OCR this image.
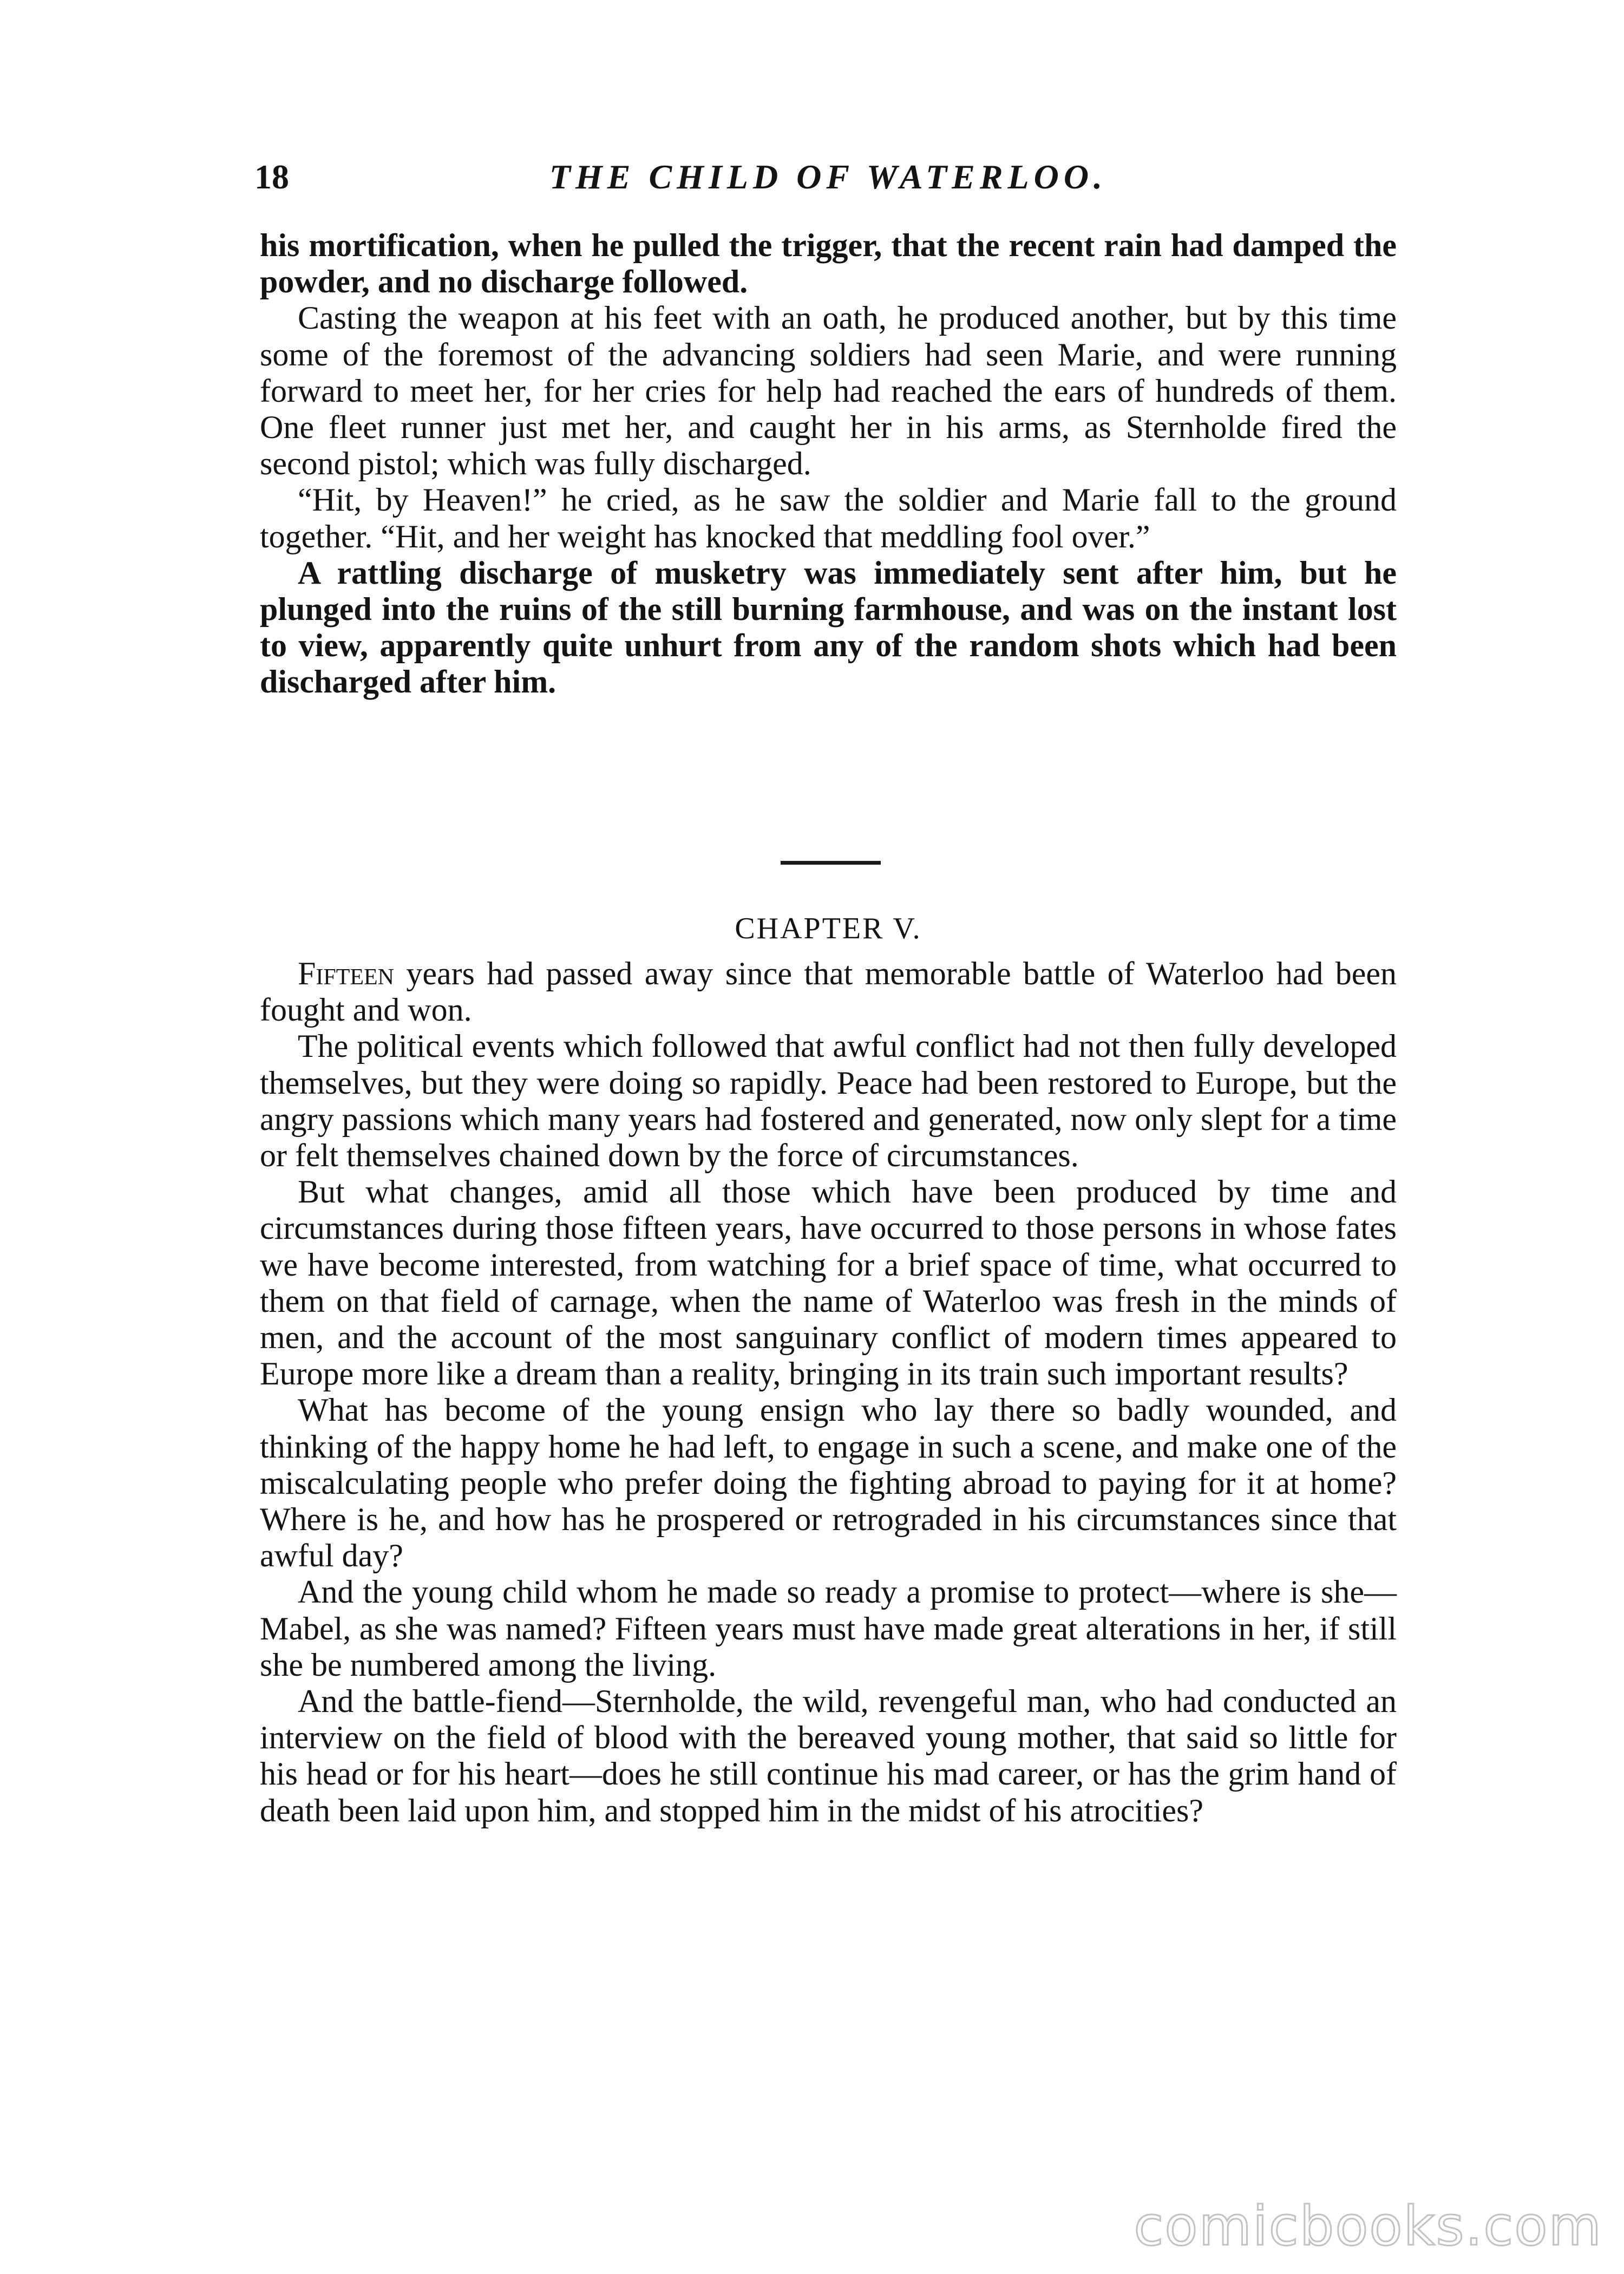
18	THE CHILD OF WATERLOO.

his mortification, when he pulled the trigger, that the recent rain had damped the powder, and no discharge followed.

Casting the weapon at his feet with an oath, he produced another, but by this time some of the foremost of the advancing soldiers had seen Marie, and were running forward to meet her, for her cries for help had reached the ears of hundreds of them. One fleet runner just met her, and caught her in his arms, as Sternholde fired the second pistol; which was fully discharged.

“Hit, by Heaven!” he cried, as he saw the soldier and Marie fall to the ground together. “Hit, and her weight has knocked that meddling fool over.”

A rattling discharge of musketry was immediately sent after him, but he plunged into the ruins of the still burning farmhouse, and was on the instant lost to view, apparently quite unhurt from any of the random shots which had been discharged after him.

CHAPTER V.

Fifteen years had passed away since that memorable battle of Waterloo had been fought and won.

The political events which followed that awful conflict had not then fully developed themselves, but they were doing so rapidly. Peace had been restored to Europe, but the angry passions which many years had fostered and generated, now only slept for a time or felt themselves chained down by the force of circumstances.

But what changes, amid all those which have been produced by time and circumstances during those fifteen years, have occurred to those persons in whose fates we have become interested, from watching for a brief space of time, what occurred to them on that field of carnage, when the name of Waterloo was fresh in the minds of men, and the account of the most sanguinary conflict of modern times appeared to Europe more like a dream than a reality, bringing in its train such important results?

What has become of the young ensign who lay there so badly wounded, and thinking of the happy home he had left, to engage in such a scene, and make one of the miscalculating people who prefer doing the fighting abroad to paying for it at home? Where is he, and how has he prospered or retrograded in his circumstances since that awful day?

And the young child whom he made so ready a promise to protect—where is she—Mabel, as she was named? Fifteen years must have made great alterations in her, if still she be numbered among the living.

And the battle-fiend—Sternholde, the wild, revengeful man, who had conducted an interview on the field of blood with the bereaved young mother, that said so little for his head or for his heart—does he still continue his mad career, or has the grim hand of death been laid upon him, and stopped him in the midst of his atrocities?

comicbooks.com
